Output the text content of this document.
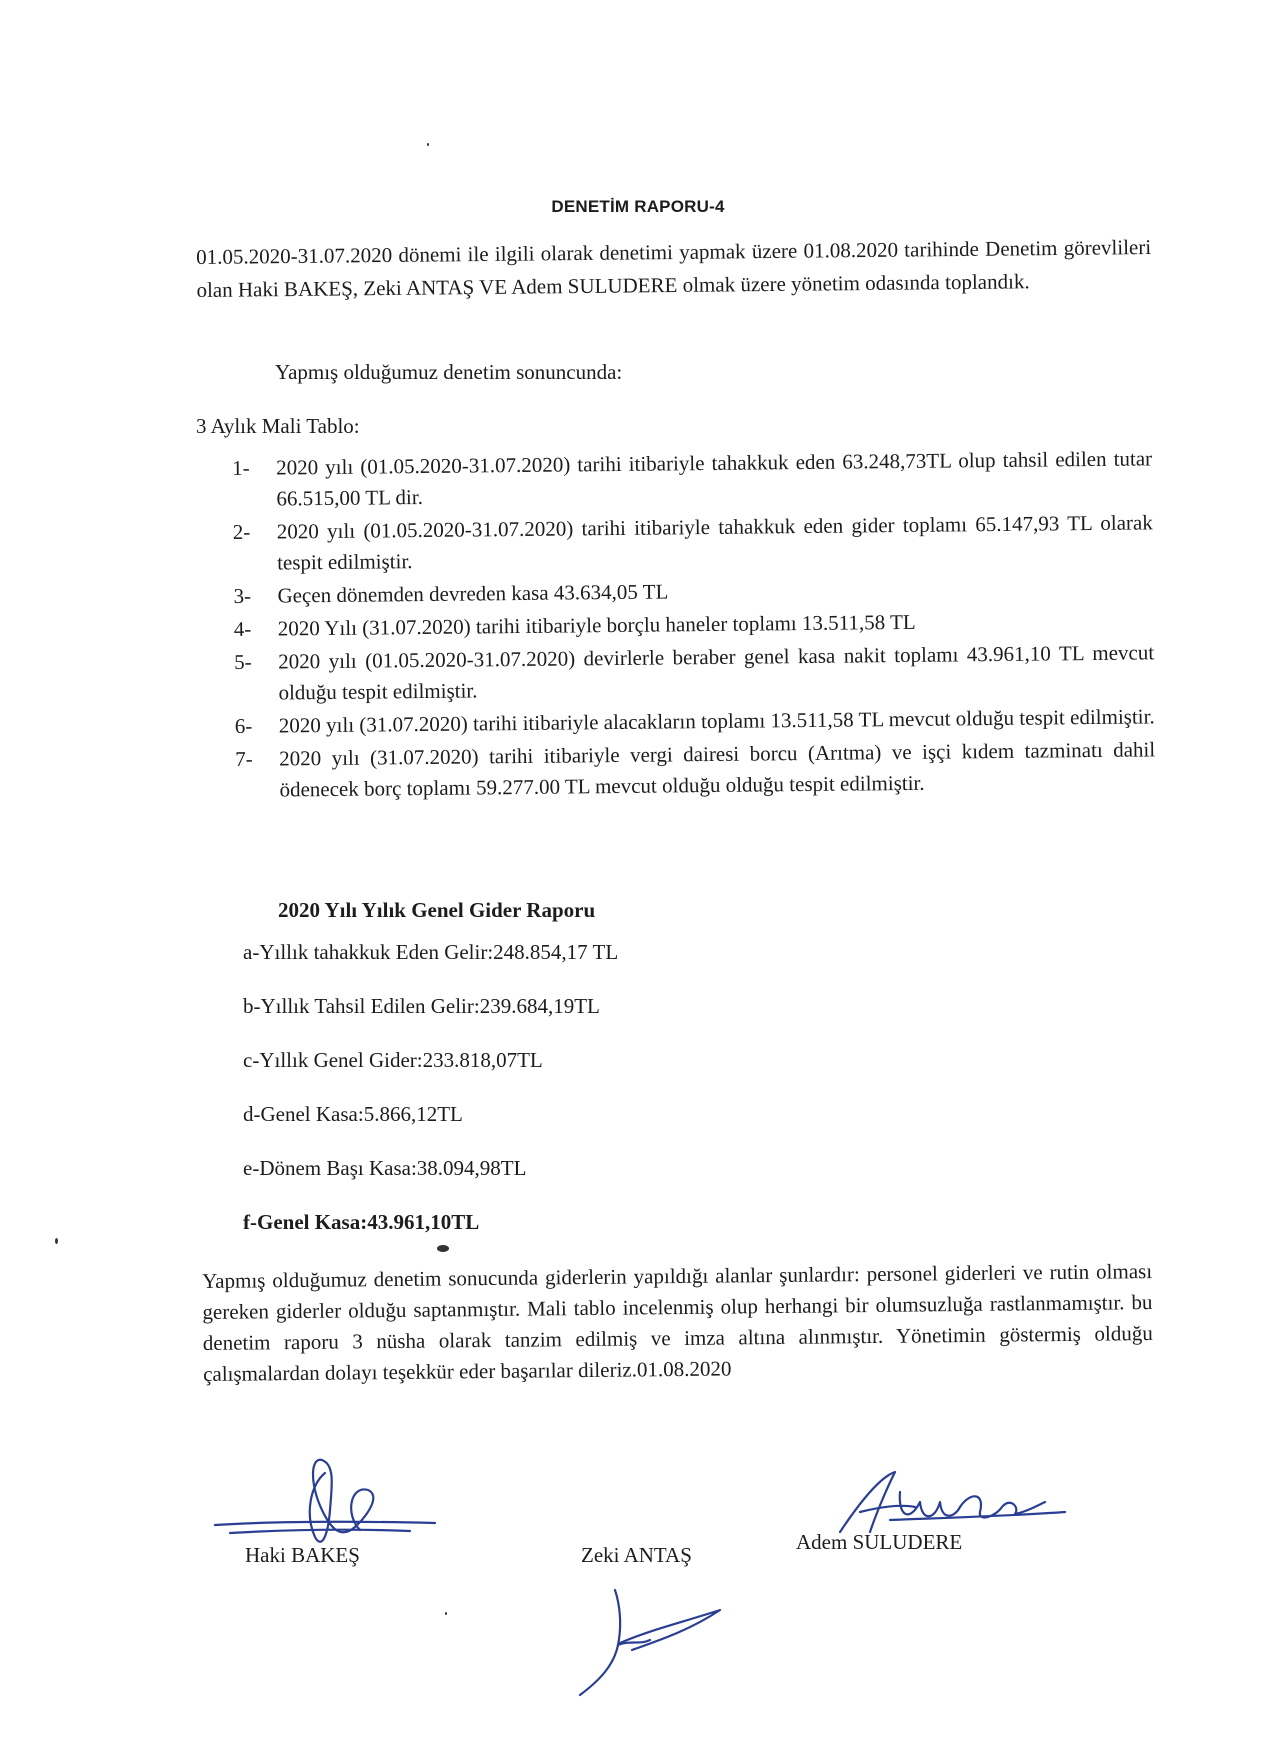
DENETİM RAPORU-4
01.05.2020-31.07.2020 dönemi ile ilgili olarak denetimi yapmak üzere 01.08.2020 tarihinde Denetim görevlileri olan Haki BAKEŞ, Zeki ANTAŞ VE Adem SULUDERE olmak üzere yönetim odasında toplandık.
Yapmış olduğumuz denetim sonuncunda:
3 Aylık Mali Tablo:
1- 2020 yılı (01.05.2020-31.07.2020) tarihi itibariyle tahakkuk eden 63.248,73TL olup tahsil edilen tutar 66.515,00 TL dir.
2- 2020 yılı (01.05.2020-31.07.2020) tarihi itibariyle tahakkuk eden gider toplamı 65.147,93 TL olarak tespit edilmiştir.
3- Geçen dönemden devreden kasa 43.634,05 TL
4- 2020 Yılı (31.07.2020) tarihi itibariyle borçlu haneler toplamı 13.511,58 TL
5- 2020 yılı (01.05.2020-31.07.2020) devirlerle beraber genel kasa nakit toplamı 43.961,10 TL mevcut olduğu tespit edilmiştir.
6- 2020 yılı (31.07.2020) tarihi itibariyle alacakların toplamı 13.511,58 TL mevcut olduğu tespit edilmiştir.
7- 2020 yılı (31.07.2020) tarihi itibariyle vergi dairesi borcu (Arıtma) ve işçi kıdem tazminatı dahil ödenecek borç toplamı 59.277.00 TL mevcut olduğu olduğu tespit edilmiştir.
2020 Yılı Yılık Genel Gider Raporu
a-Yıllık tahakkuk Eden Gelir:248.854,17 TL
b-Yıllık Tahsil Edilen Gelir:239.684,19TL
c-Yıllık Genel Gider:233.818,07TL
d-Genel Kasa:5.866,12TL
e-Dönem Başı Kasa:38.094,98TL
f-Genel Kasa:43.961,10TL
Yapmış olduğumuz denetim sonucunda giderlerin yapıldığı alanlar şunlardır: personel giderleri ve rutin olması gereken giderler olduğu saptanmıştır. Mali tablo incelenmiş olup herhangi bir olumsuzluğa rastlanmamıştır. bu denetim raporu 3 nüsha olarak tanzim edilmiş ve imza altına alınmıştır. Yönetimin göstermiş olduğu çalışmalardan dolayı teşekkür eder başarılar dileriz.01.08.2020
Haki BAKEŞ	Zeki ANTAŞ
Adem SULUDERE
